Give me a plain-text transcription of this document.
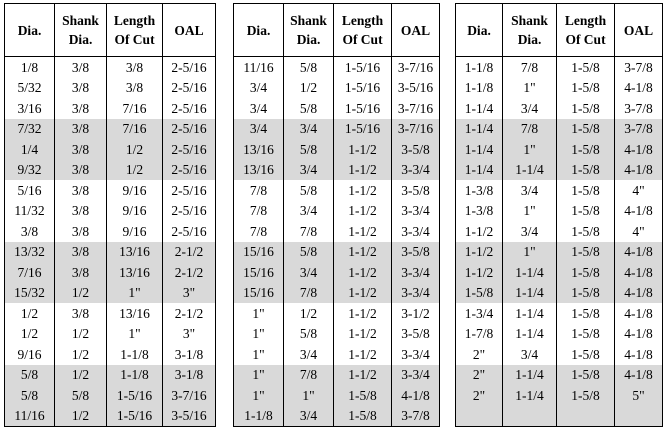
Dia.	Shank Dia.	Length Of Cut	OAL
1/8	3/8	3/8	2-5/16
5/32	3/8	3/8	2-5/16
3/16	3/8	7/16	2-5/16
7/32	3/8	7/16	2-5/16
1/4	3/8	1/2	2-5/16
9/32	3/8	1/2	2-5/16
5/16	3/8	9/16	2-5/16
11/32	3/8	9/16	2-5/16
3/8	3/8	9/16	2-5/16
13/32	3/8	13/16	2-1/2
7/16	3/8	13/16	2-1/2
15/32	1/2	1"	3"
1/2	3/8	13/16	2-1/2
1/2	1/2	1"	3"
9/16	1/2	1-1/8	3-1/8
5/8	1/2	1-1/8	3-1/8
5/8	5/8	1-5/16	3-7/16
11/16	1/2	1-5/16	3-5/16
Dia.	Shank Dia.	Length Of Cut	OAL
11/16	5/8	1-5/16	3-7/16
3/4	1/2	1-5/16	3-5/16
3/4	5/8	1-5/16	3-7/16
3/4	3/4	1-5/16	3-7/16
13/16	5/8	1-1/2	3-5/8
13/16	3/4	1-1/2	3-3/4
7/8	5/8	1-1/2	3-5/8
7/8	3/4	1-1/2	3-3/4
7/8	7/8	1-1/2	3-3/4
15/16	5/8	1-1/2	3-5/8
15/16	3/4	1-1/2	3-3/4
15/16	7/8	1-1/2	3-3/4
1"	1/2	1-1/2	3-1/2
1"	5/8	1-1/2	3-5/8
1"	3/4	1-1/2	3-3/4
1"	7/8	1-1/2	3-3/4
1"	1"	1-5/8	4-1/8
1-1/8	3/4	1-5/8	3-7/8
Dia.	Shank Dia.	Length Of Cut	OAL
1-1/8	7/8	1-5/8	3-7/8
1-1/8	1"	1-5/8	4-1/8
1-1/4	3/4	1-5/8	3-7/8
1-1/4	7/8	1-5/8	3-7/8
1-1/4	1"	1-5/8	4-1/8
1-1/4	1-1/4	1-5/8	4-1/8
1-3/8	3/4	1-5/8	4"
1-3/8	1"	1-5/8	4-1/8
1-1/2	3/4	1-5/8	4"
1-1/2	1"	1-5/8	4-1/8
1-1/2	1-1/4	1-5/8	4-1/8
1-5/8	1-1/4	1-5/8	4-1/8
1-3/4	1-1/4	1-5/8	4-1/8
1-7/8	1-1/4	1-5/8	4-1/8
2"	3/4	1-5/8	4-1/8
2"	1-1/4	1-5/8	4-1/8
2"	1-1/4	1-5/8	5"
